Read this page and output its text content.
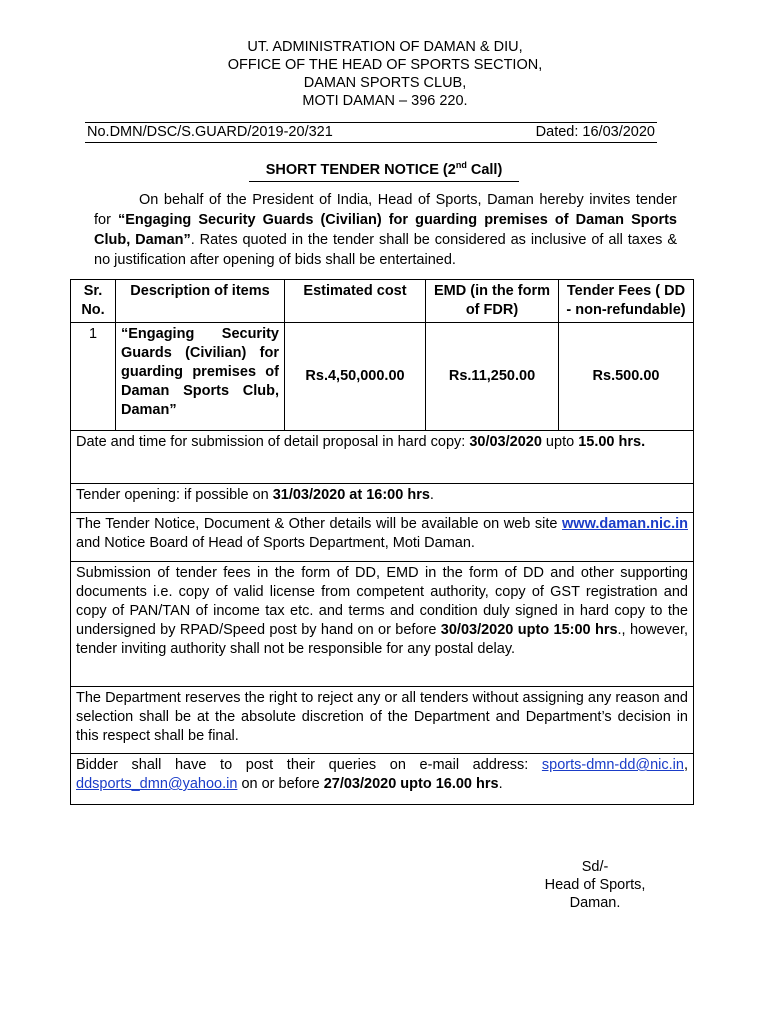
UT. ADMINISTRATION OF DAMAN & DIU,
OFFICE OF THE HEAD OF SPORTS SECTION,
DAMAN SPORTS CLUB,
MOTI DAMAN – 396 220.
No.DMN/DSC/S.GUARD/2019-20/321	Dated: 16/03/2020
SHORT TENDER NOTICE (2nd Call)
On behalf of the President of India, Head of Sports, Daman hereby invites tender for “Engaging Security Guards (Civilian) for guarding premises of Daman Sports Club, Daman”. Rates quoted in the tender shall be considered as inclusive of all taxes & no justification after opening of bids shall be entertained.
Sr. No.	Description of items	Estimated cost	EMD (in the form of FDR)	Tender Fees ( DD - non-refundable)
1	“Engaging Security Guards (Civilian) for guarding premises of Daman Sports Club, Daman”	Rs.4,50,000.00	Rs.11,250.00	Rs.500.00
Date and time for submission of detail proposal in hard copy: 30/03/2020 upto 15.00 hrs.				
Tender opening: if possible on 31/03/2020 at 16:00 hrs.				
The Tender Notice, Document & Other details will be available on web site www.daman.nic.in and Notice Board of Head of Sports Department, Moti Daman.				
Submission of tender fees in the form of DD, EMD in the form of DD and other supporting documents i.e. copy of valid license from competent authority, copy of GST registration and copy of PAN/TAN of income tax etc. and terms and condition duly signed in hard copy to the undersigned by RPAD/Speed post by hand on or before 30/03/2020 upto 15:00 hrs., however, tender inviting authority shall not be responsible for any postal delay.				
The Department reserves the right to reject any or all tenders without assigning any reason and selection shall be at the absolute discretion of the Department and Department’s decision in this respect shall be final.				
Bidder shall have to post their queries on e-mail address: sports-dmn-dd@nic.in, ddsports_dmn@yahoo.in on or before 27/03/2020 upto 16.00 hrs.				
Sd/-
Head of Sports,
Daman.
